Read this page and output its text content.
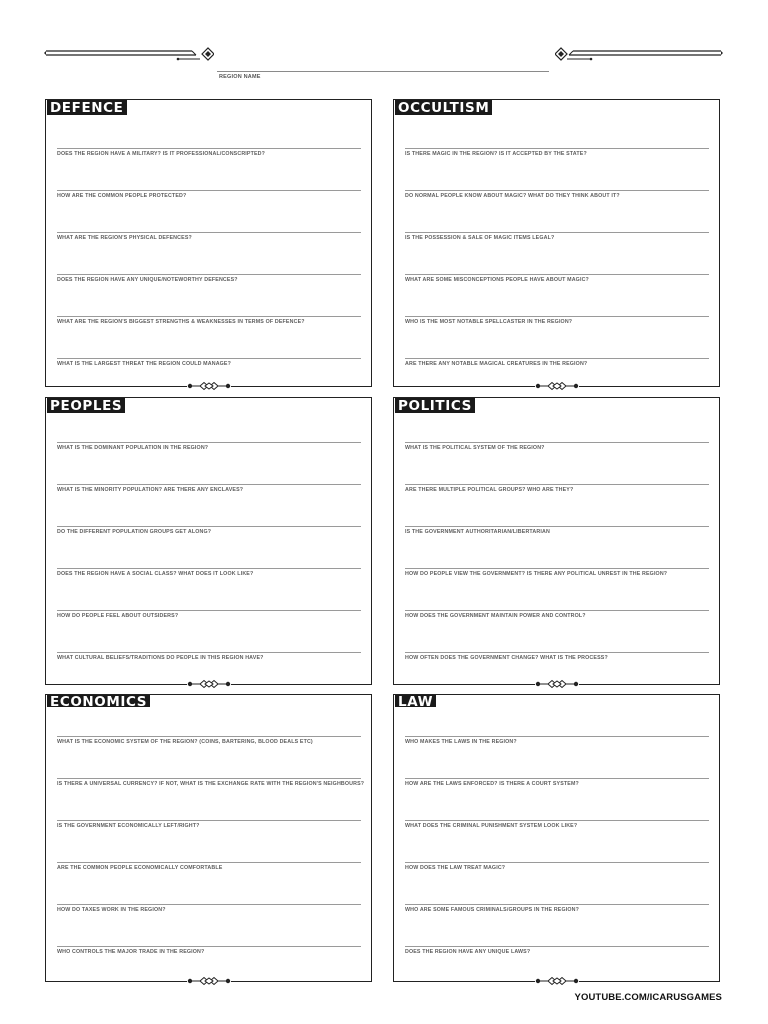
REGION NAME
DEFENCE
DOES THE REGION HAVE A MILITARY? IS IT PROFESSIONAL/CONSCRIPTED?
HOW ARE THE COMMON PEOPLE PROTECTED?
WHAT ARE THE REGION'S PHYSICAL DEFENCES?
DOES THE REGION HAVE ANY UNIQUE/NOTEWORTHY DEFENCES?
WHAT ARE THE REGION'S BIGGEST STRENGTHS & WEAKNESSES IN TERMS OF DEFENCE?
WHAT IS THE LARGEST THREAT THE REGION COULD MANAGE?
OCCULTISM
IS THERE MAGIC IN THE REGION? IS IT ACCEPTED BY THE STATE?
DO NORMAL PEOPLE KNOW ABOUT MAGIC? WHAT DO THEY THINK ABOUT IT?
IS THE POSSESSION & SALE OF MAGIC ITEMS LEGAL?
WHAT ARE SOME MISCONCEPTIONS PEOPLE HAVE ABOUT MAGIC?
WHO IS THE MOST NOTABLE SPELLCASTER IN THE REGION?
ARE THERE ANY NOTABLE MAGICAL CREATURES IN THE REGION?
PEOPLES
WHAT IS THE DOMINANT POPULATION IN THE REGION?
WHAT IS THE MINORITY POPULATION? ARE THERE ANY ENCLAVES?
DO THE DIFFERENT POPULATION GROUPS GET ALONG?
DOES THE REGION HAVE A SOCIAL CLASS? WHAT DOES IT LOOK LIKE?
HOW DO PEOPLE FEEL ABOUT OUTSIDERS?
WHAT CULTURAL BELIEFS/TRADITIONS DO PEOPLE IN THIS REGION HAVE?
POLITICS
WHAT IS THE POLITICAL SYSTEM OF THE REGION?
ARE THERE MULTIPLE POLITICAL GROUPS? WHO ARE THEY?
IS THE GOVERNMENT AUTHORITARIAN/LIBERTARIAN
HOW DO PEOPLE VIEW THE GOVERNMENT? IS THERE ANY POLITICAL UNREST IN THE REGION?
HOW DOES THE GOVERNMENT MAINTAIN POWER AND CONTROL?
HOW OFTEN DOES THE GOVERNMENT CHANGE? WHAT IS THE PROCESS?
ECONOMICS
WHAT IS THE ECONOMIC SYSTEM OF THE REGION? (COINS, BARTERING, BLOOD DEALS ETC)
IS THERE A UNIVERSAL CURRENCY? IF NOT, WHAT IS THE EXCHANGE RATE WITH THE REGION'S NEIGHBOURS?
IS THE GOVERNMENT ECONOMICALLY LEFT/RIGHT?
ARE THE COMMON PEOPLE ECONOMICALLY COMFORTABLE
HOW DO TAXES WORK IN THE REGION?
WHO CONTROLS THE MAJOR TRADE IN THE REGION?
LAW
WHO MAKES THE LAWS IN THE REGION?
HOW ARE THE LAWS ENFORCED? IS THERE A COURT SYSTEM?
WHAT DOES THE CRIMINAL PUNISHMENT SYSTEM LOOK LIKE?
HOW DOES THE LAW TREAT MAGIC?
WHO ARE SOME FAMOUS CRIMINALS/GROUPS IN THE REGION?
DOES THE REGION HAVE ANY UNIQUE LAWS?
YOUTUBE.COM/ICARUSGAMES
